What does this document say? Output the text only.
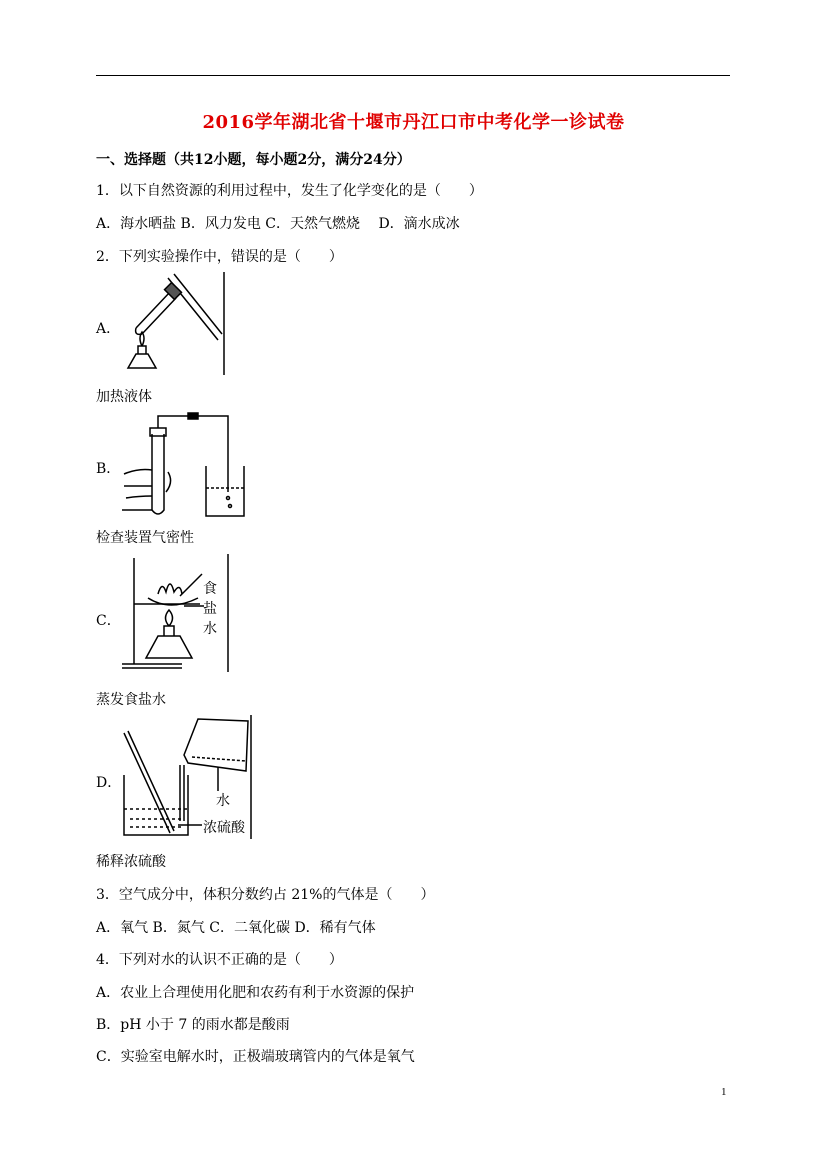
2016学年湖北省十堰市丹江口市中考化学一诊试卷
一、选择题（共12小题，每小题2分，满分24分）
1．以下自然资源的利用过程中，发生了化学变化的是（　　）
A．海水晒盐 B．风力发电 C．天然气燃烧　 D．滴水成冰
2．下列实验操作中，错误的是（　　）
A．
加热液体
B．
检查装置气密性
C．
食
盐
水
蒸发食盐水
D．
水
浓硫酸
稀释浓硫酸
3．空气成分中，体积分数约占 21%的气体是（　　）
A．氧气 B．氮气 C．二氧化碳 D．稀有气体
4．下列对水的认识不正确的是（　　）
A．农业上合理使用化肥和农药有利于水资源的保护
B．pH 小于 7 的雨水都是酸雨
C．实验室电解水时，正极端玻璃管内的气体是氧气
1
